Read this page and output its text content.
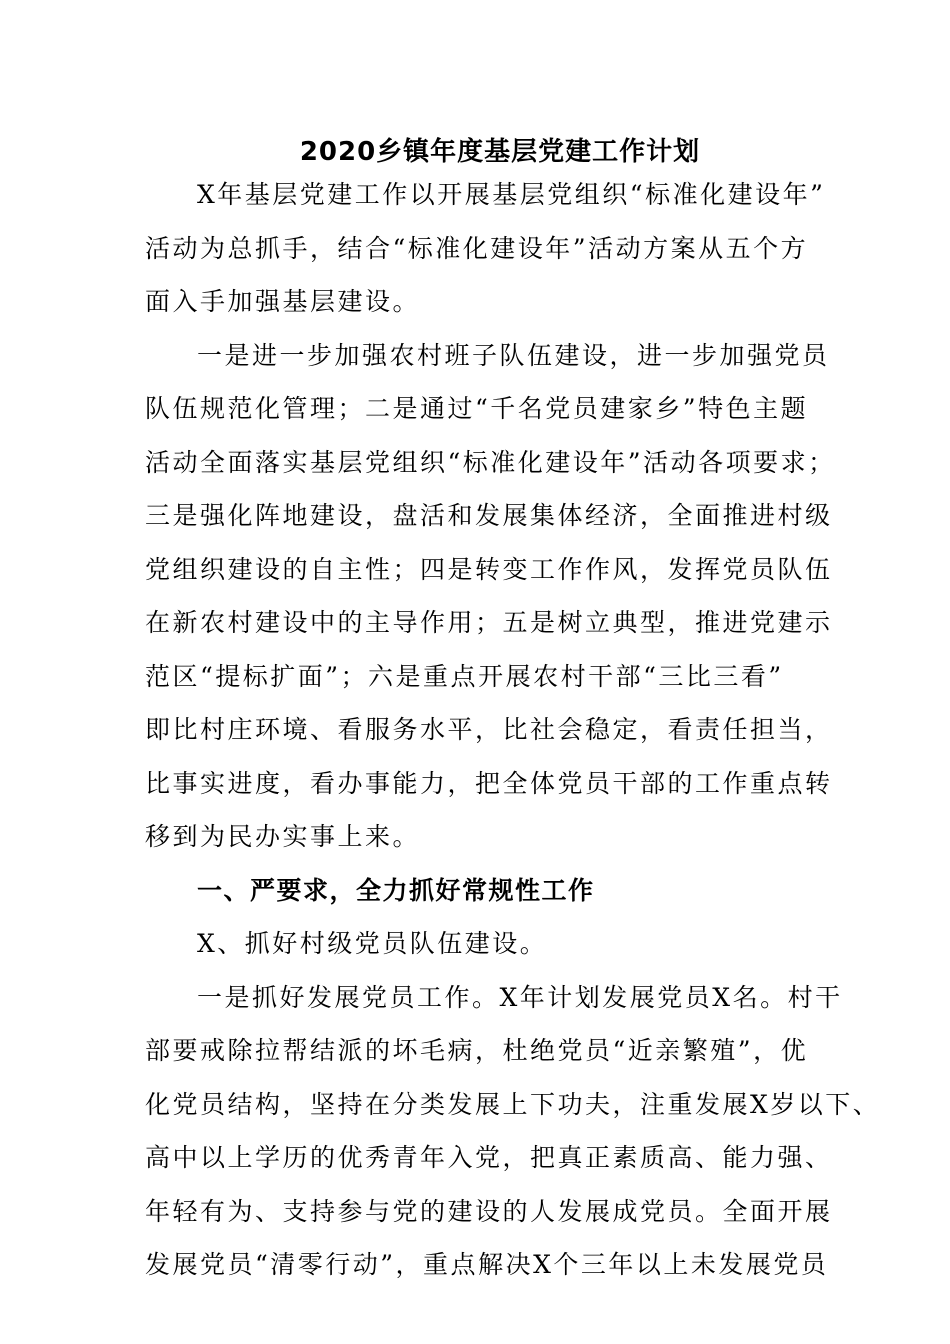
2020乡镇年度基层党建工作计划
X年基层党建工作以开展基层党组织“标准化建设年”
活动为总抓手，结合“标准化建设年”活动方案从五个方
面入手加强基层建设。
一是进一步加强农村班子队伍建设，进一步加强党员
队伍规范化管理；二是通过“千名党员建家乡”特色主题
活动全面落实基层党组织“标准化建设年”活动各项要求；
三是强化阵地建设，盘活和发展集体经济，全面推进村级
党组织建设的自主性；四是转变工作作风，发挥党员队伍
在新农村建设中的主导作用；五是树立典型，推进党建示
范区“提标扩面”；六是重点开展农村干部“三比三看”
即比村庄环境、看服务水平，比社会稳定，看责任担当，
比事实进度，看办事能力，把全体党员干部的工作重点转
移到为民办实事上来。
一、严要求，全力抓好常规性工作
X、抓好村级党员队伍建设。
一是抓好发展党员工作。X年计划发展党员X名。村干
部要戒除拉帮结派的坏毛病，杜绝党员“近亲繁殖”，优
化党员结构，坚持在分类发展上下功夫，注重发展X岁以下、
高中以上学历的优秀青年入党，把真正素质高、能力强、
年轻有为、支持参与党的建设的人发展成党员。全面开展
发展党员“清零行动”，重点解决X个三年以上未发展党员
